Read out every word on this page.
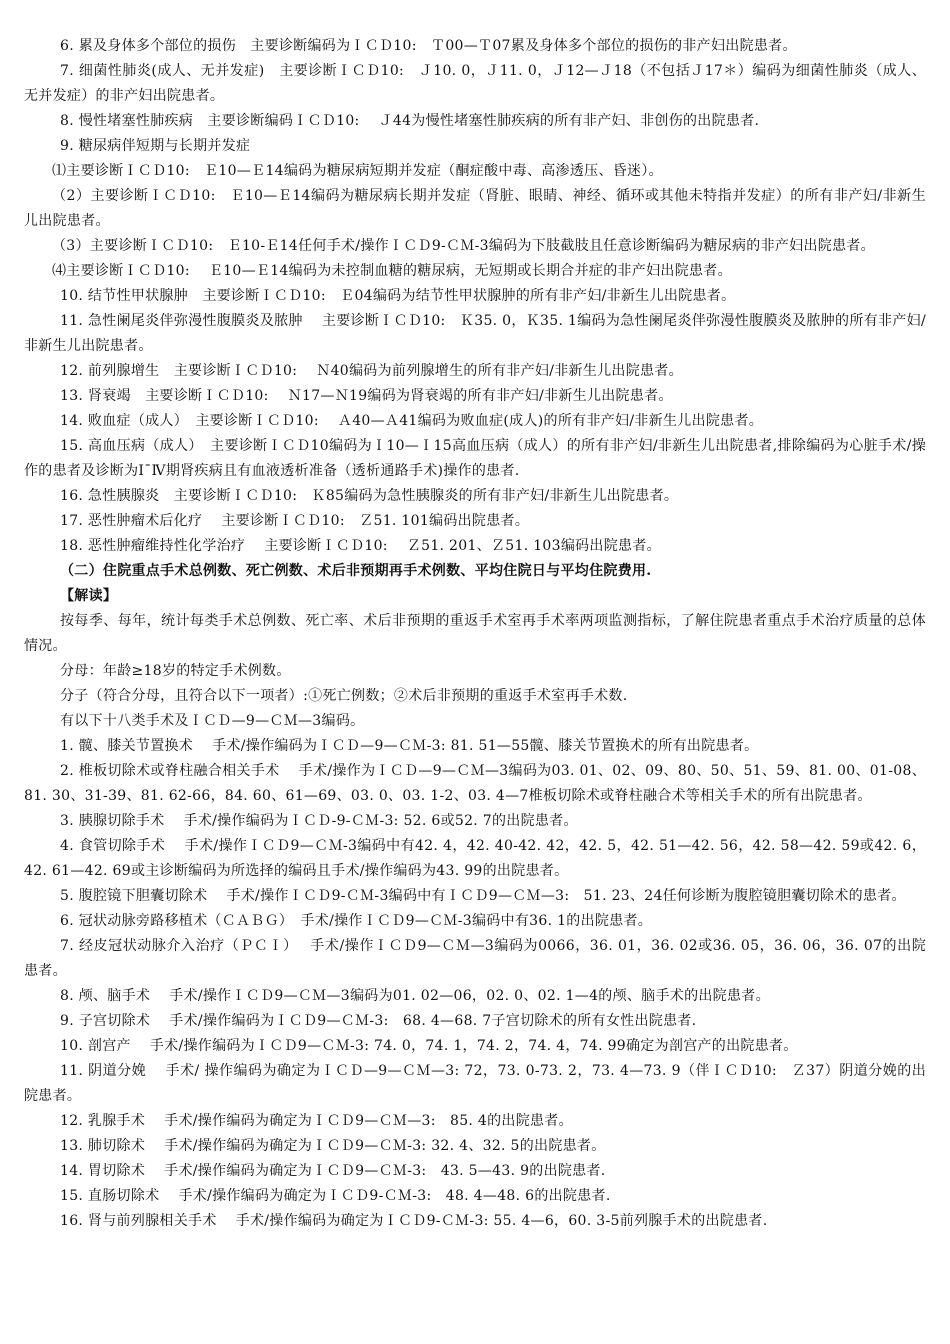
6. 累及身体多个部位的损伤　主要诊断编码为ＩＣＤ10:　Ｔ00—Ｔ07累及身体多个部位的损伤的非产妇出院患者。

7. 细菌性肺炎(成人、无并发症)　主要诊断ＩＣＤ10:　Ｊ10. 0，Ｊ11. 0，Ｊ12—Ｊ18（不包括Ｊ17＊）编码为细菌性肺炎（成人、无并发症）的非产妇出院患者。

8. 慢性堵塞性肺疾病　主要诊断编码ＩＣＤ10:　 Ｊ44为慢性堵塞性肺疾病的所有非产妇、非创伤的出院患者.

9. 糖尿病伴短期与长期并发症

⑴主要诊断ＩＣＤ10:　Ｅ10—Ｅ14编码为糖尿病短期并发症（酮症酸中毒、高渗透压、昏迷）。

（2）主要诊断ＩＣＤ10:　Ｅ10—Ｅ14编码为糖尿病长期并发症（肾脏、眼睛、神经、循环或其他未特指并发症）的所有非产妇/非新生儿出院患者。

（3）主要诊断ＩＣＤ10:　Ｅ10-Ｅ14任何手术/操作ＩＣＤ9-ＣＭ-3编码为下肢截肢且任意诊断编码为糖尿病的非产妇出院患者。

⑷主要诊断ＩＣＤ10:　 Ｅ10—Ｅ14编码为未控制血糖的糖尿病，无短期或长期合并症的非产妇出院患者。

10. 结节性甲状腺肿　主要诊断ＩＣＤ10:　Ｅ04编码为结节性甲状腺肿的所有非产妇/非新生儿出院患者。

11. 急性阑尾炎伴弥漫性腹膜炎及脓肿　 主要诊断ＩＣＤ10:　Ｋ35. 0，Ｋ35. 1编码为急性阑尾炎伴弥漫性腹膜炎及脓肿的所有非产妇/非新生儿出院患者。

12. 前列腺增生　主要诊断ＩＣＤ10:　 Ｎ40编码为前列腺增生的所有非产妇/非新生儿出院患者。

13. 肾衰竭　主要诊断ＩＣＤ10:　 Ｎ17—Ｎ19编码为肾衰竭的所有非产妇/非新生儿出院患者。

14. 败血症（成人）　主要诊断ＩＣＤ10:　 Ａ40—Ａ41编码为败血症(成人)的所有非产妇/非新生儿出院患者。

15. 高血压病（成人）　主要诊断ＩＣＤ10编码为Ｉ10—Ｉ15高血压病（成人）的所有非产妇/非新生儿出院患者,排除编码为心脏手术/操作的患者及诊断为Ⅰ¯Ⅳ期肾疾病且有血液透析准备（透析通路手术)操作的患者.

16. 急性胰腺炎　主要诊断ＩＣＤ10:　Ｋ85编码为急性胰腺炎的所有非产妇/非新生儿出院患者。

17. 恶性肿瘤术后化疗　 主要诊断ＩＣＤ10:　Ｚ51. 101编码出院患者。

18. 恶性肿瘤维持性化学治疗　 主要诊断ＩＣＤ10:　 Ｚ51. 201、Ｚ51. 103编码出院患者。

（二）住院重点手术总例数、死亡例数、术后非预期再手术例数、平均住院日与平均住院费用.

【解读】

按每季、每年，统计每类手术总例数、死亡率、术后非预期的重返手术室再手术率两项监测指标，了解住院患者重点手术治疗质量的总体情况。

分母：年龄≥18岁的特定手术例数。

分子（符合分母，且符合以下一项者）:①死亡例数；②术后非预期的重返手术室再手术数.

有以下十八类手术及ＩＣＤ—9—ＣＭ—3编码。

1. 髋、膝关节置换术　 手术/操作编码为ＩＣＤ—9—ＣＭ-3: 81. 51—55髋、膝关节置换术的所有出院患者。

2. 椎板切除术或脊柱融合相关手术　 手术/操作为ＩＣＤ—9—ＣＭ—3编码为03. 01、02、09、80、50、51、59、81. 00、01-08、81. 30、31-39、81. 62-66，84. 60、61—69、03. 0、03. 1-2、03. 4—7椎板切除术或脊柱融合术等相关手术的所有出院患者。

3. 胰腺切除手术　 手术/操作编码为ＩＣＤ-9-ＣＭ-3: 52. 6或52. 7的出院患者。

4. 食管切除手术　 手术/操作ＩＣＤ9—ＣＭ-3编码中有42. 4，42. 40-42. 42，42. 5，42. 51—42. 56，42. 58—42. 59或42. 6，42. 61—42. 69或主诊断编码为所选择的编码且手术/操作编码为43. 99的出院患者。

5. 腹腔镜下胆囊切除术　 手术/操作ＩＣＤ9-ＣＭ-3编码中有ＩＣＤ9—ＣＭ—3:　51. 23、24任何诊断为腹腔镜胆囊切除术的患者。

6. 冠状动脉旁路移植术（ＣＡＢＧ）　手术/操作ＩＣＤ9—ＣＭ-3编码中有36. 1的出院患者。

7. 经皮冠状动脉介入治疗（ＰＣＩ）　 手术/操作ＩＣＤ9—ＣＭ—3编码为0066，36. 01，36. 02或36. 05，36. 06，36. 07的出院患者。

8. 颅、脑手术　 手术/操作ＩＣＤ9—ＣＭ—3编码为01. 02—06，02. 0、02. 1—4的颅、脑手术的出院患者。

9. 子宫切除术　 手术/操作编码为ＩＣＤ9—ＣＭ-3:　68. 4—68. 7子宫切除术的所有女性出院患者.

10. 剖宫产　 手术/操作编码为ＩＣＤ9—ＣＭ-3: 74. 0，74. 1，74. 2，74. 4，74. 99确定为剖宫产的出院患者。

11. 阴道分娩　 手术/ 操作编码为确定为ＩＣＤ—9—ＣＭ—3: 72，73. 0-73. 2，73. 4—73. 9（伴ＩＣＤ10:　Ｚ37）阴道分娩的出院患者。

12. 乳腺手术　 手术/操作编码为确定为ＩＣＤ9—ＣＭ—3:　85. 4的出院患者。

13. 肺切除术　 手术/操作编码为确定为ＩＣＤ9—ＣＭ-3: 32. 4、32. 5的出院患者。

14. 胃切除术　 手术/操作编码为确定为ＩＣＤ9—ＣＭ-3:　43. 5—43. 9的出院患者.

15. 直肠切除术　 手术/操作编码为确定为ＩＣＤ9-ＣＭ-3:　48. 4—48. 6的出院患者.

16. 肾与前列腺相关手术　 手术/操作编码为确定为ＩＣＤ9-ＣＭ-3: 55. 4—6，60. 3-5前列腺手术的出院患者.
